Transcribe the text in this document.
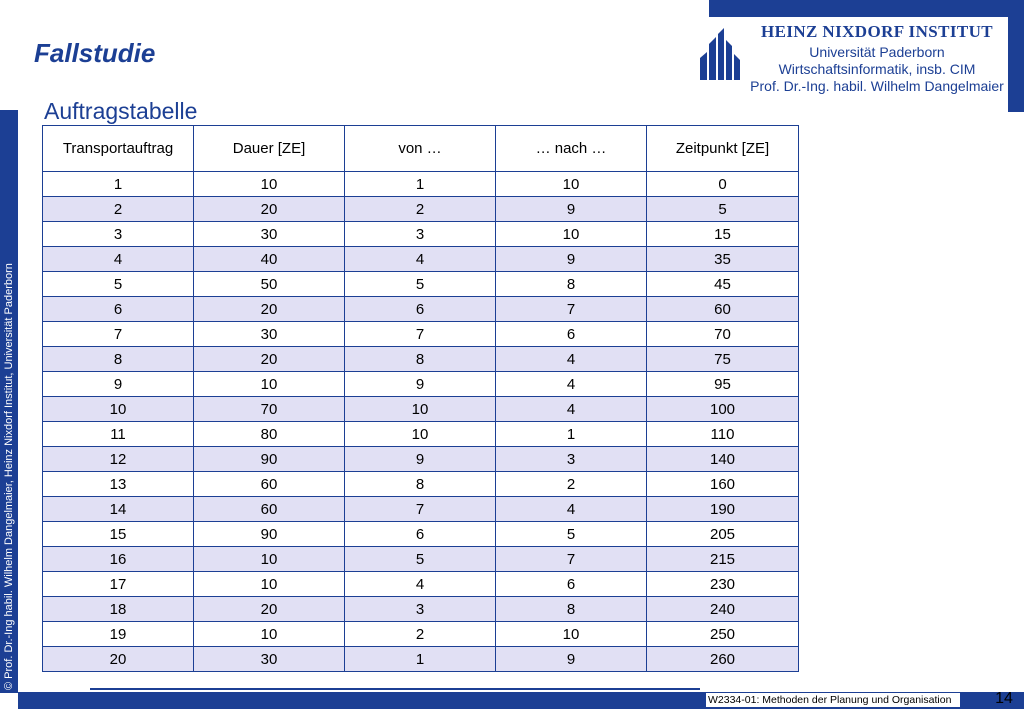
Fallstudie
Auftragstabelle
HEINZ NIXDORF INSTITUT
Universität Paderborn
Wirtschaftsinformatik, insb. CIM
Prof. Dr.-Ing. habil. Wilhelm Dangelmaier
© Prof. Dr.-Ing habil. Wilhelm Dangelmaier, Heinz Nixdorf Institut, Universität Paderborn
Transportauftrag	Dauer [ZE]	von …	… nach …	Zeitpunkt [ZE]
1	10	1	10	0
2	20	2	9	5
3	30	3	10	15
4	40	4	9	35
5	50	5	8	45
6	20	6	7	60
7	30	7	6	70
8	20	8	4	75
9	10	9	4	95
10	70	10	4	100
11	80	10	1	110
12	90	9	3	140
13	60	8	2	160
14	60	7	4	190
15	90	6	5	205
16	10	5	7	215
17	10	4	6	230
18	20	3	8	240
19	10	2	10	250
20	30	1	9	260
W2334-01: Methoden der Planung und Organisation	14
